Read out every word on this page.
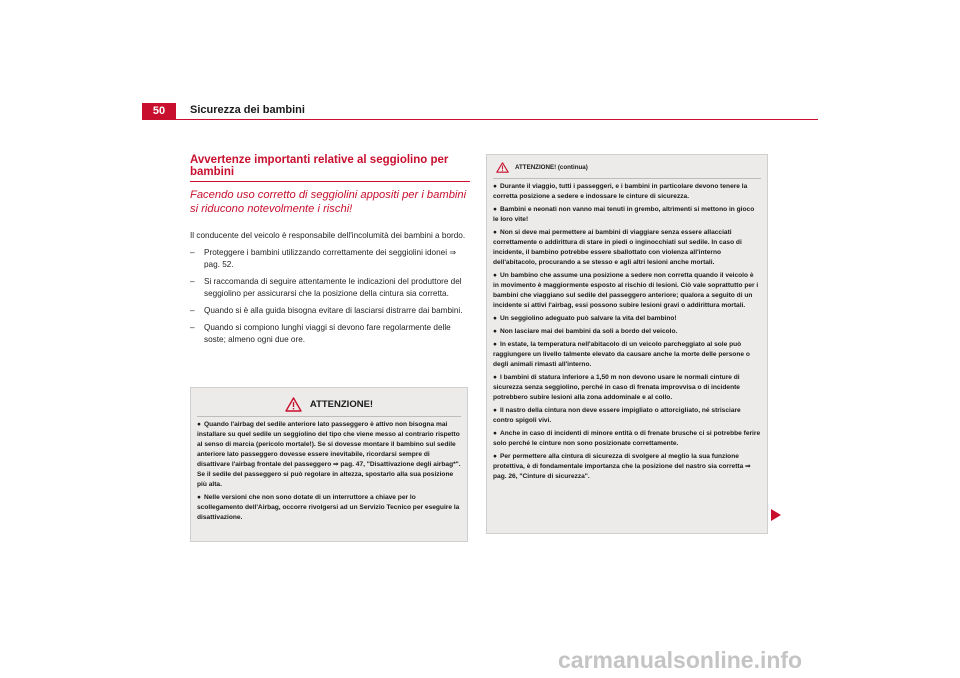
50	Sicurezza dei bambini
Avvertenze importanti relative al seggiolino per bambini

Facendo uso corretto di seggiolini appositi per i bambini si riducono notevolmente i rischi!

Il conducente del veicolo è responsabile dell'incolumità dei bambini a bordo.

– Proteggere i bambini utilizzando correttamente dei seggiolini idonei ⇒ pag. 52.
– Si raccomanda di seguire attentamente le indicazioni del produttore del seggiolino per assicurarsi che la posizione della cintura sia corretta.
– Quando si è alla guida bisogna evitare di lasciarsi distrarre dai bambini.
– Quando si compiono lunghi viaggi si devono fare regolarmente delle soste; almeno ogni due ore.
ATTENZIONE!
● Quando l'airbag del sedile anteriore lato passeggero è attivo non bisogna mai installare su quel sedile un seggiolino del tipo che viene messo al contrario rispetto al senso di marcia (pericolo mortale!). Se si dovesse montare il bambino sul sedile anteriore lato passeggero dovesse essere inevitabile, ricordarsi sempre di disattivare l'airbag frontale del passeggero ⇒ pag. 47, "Disattivazione degli airbag*". Se il sedile del passeggero si può regolare in altezza, spostarlo alla sua posizione più alta.
● Nelle versioni che non sono dotate di un interruttore a chiave per lo scollegamento dell'Airbag, occorre rivolgersi ad un Servizio Tecnico per eseguire la disattivazione.
ATTENZIONE! (continua)
● Durante il viaggio, tutti i passeggeri, e i bambini in particolare devono tenere la corretta posizione a sedere e indossare le cinture di sicurezza.
● Bambini e neonati non vanno mai tenuti in grembo, altrimenti si mettono in gioco le loro vite!
● Non si deve mai permettere ai bambini di viaggiare senza essere allacciati correttamente o addirittura di stare in piedi o inginocchiati sul sedile. In caso di incidente, il bambino potrebbe essere sballottato con violenza all'interno dell'abitacolo, procurando a se stesso e agli altri lesioni anche mortali.
● Un bambino che assume una posizione a sedere non corretta quando il veicolo è in movimento è maggiormente esposto al rischio di lesioni. Ciò vale soprattutto per i bambini che viaggiano sul sedile del passeggero anteriore; qualora a seguito di un incidente si attivi l'airbag, essi possono subire lesioni gravi o addirittura mortali.
● Un seggiolino adeguato può salvare la vita del bambino!
● Non lasciare mai dei bambini da soli a bordo del veicolo.
● In estate, la temperatura nell'abitacolo di un veicolo parcheggiato al sole può raggiungere un livello talmente elevato da causare anche la morte delle persone o degli animali rimasti all'interno.
● I bambini di statura inferiore a 1,50 m non devono usare le normali cinture di sicurezza senza seggiolino, perché in caso di frenata improvvisa o di incidente potrebbero subire lesioni alla zona addominale e al collo.
● Il nastro della cintura non deve essere impigliato o attorcigliato, né strisciare contro spigoli vivi.
● Anche in caso di incidenti di minore entità o di frenate brusche ci si potrebbe ferire solo perché le cinture non sono posizionate correttamente.
● Per permettere alla cintura di sicurezza di svolgere al meglio la sua funzione protettiva, è di fondamentale importanza che la posizione del nastro sia corretta ⇒ pag. 26, "Cinture di sicurezza".
carmanualsonline.info
